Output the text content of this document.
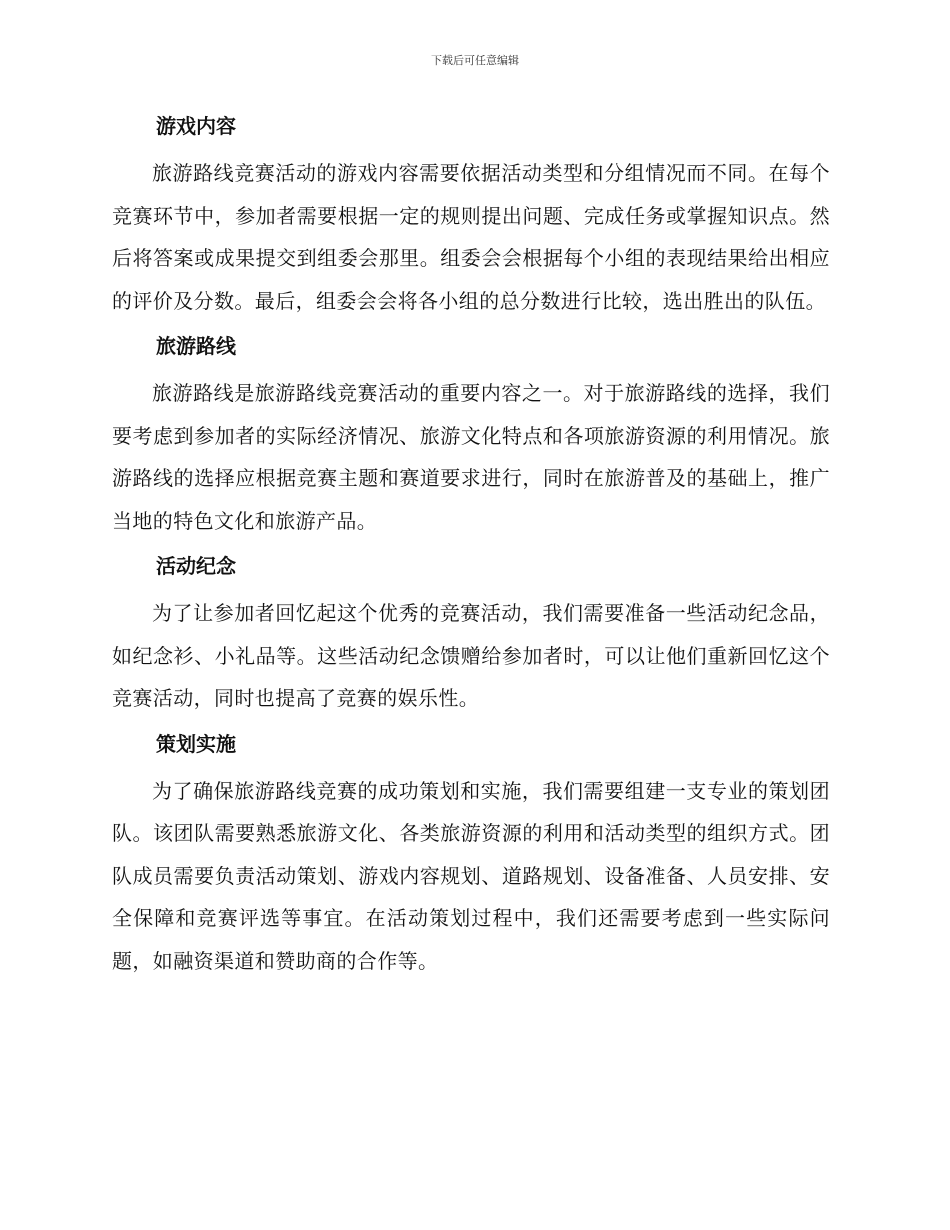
下载后可任意编辑
游戏内容

旅游路线竞赛活动的游戏内容需要依据活动类型和分组情况而不同。在每个竞赛环节中，参加者需要根据一定的规则提出问题、完成任务或掌握知识点。然后将答案或成果提交到组委会那里。组委会会根据每个小组的表现结果给出相应的评价及分数。最后，组委会会将各小组的总分数进行比较，选出胜出的队伍。

旅游路线

旅游路线是旅游路线竞赛活动的重要内容之一。对于旅游路线的选择，我们要考虑到参加者的实际经济情况、旅游文化特点和各项旅游资源的利用情况。旅游路线的选择应根据竞赛主题和赛道要求进行，同时在旅游普及的基础上，推广当地的特色文化和旅游产品。

活动纪念

为了让参加者回忆起这个优秀的竞赛活动，我们需要准备一些活动纪念品，如纪念衫、小礼品等。这些活动纪念馈赠给参加者时，可以让他们重新回忆这个竞赛活动，同时也提高了竞赛的娱乐性。

策划实施

为了确保旅游路线竞赛的成功策划和实施，我们需要组建一支专业的策划团队。该团队需要熟悉旅游文化、各类旅游资源的利用和活动类型的组织方式。团队成员需要负责活动策划、游戏内容规划、道路规划、设备准备、人员安排、安全保障和竞赛评选等事宜。在活动策划过程中，我们还需要考虑到一些实际问题，如融资渠道和赞助商的合作等。
